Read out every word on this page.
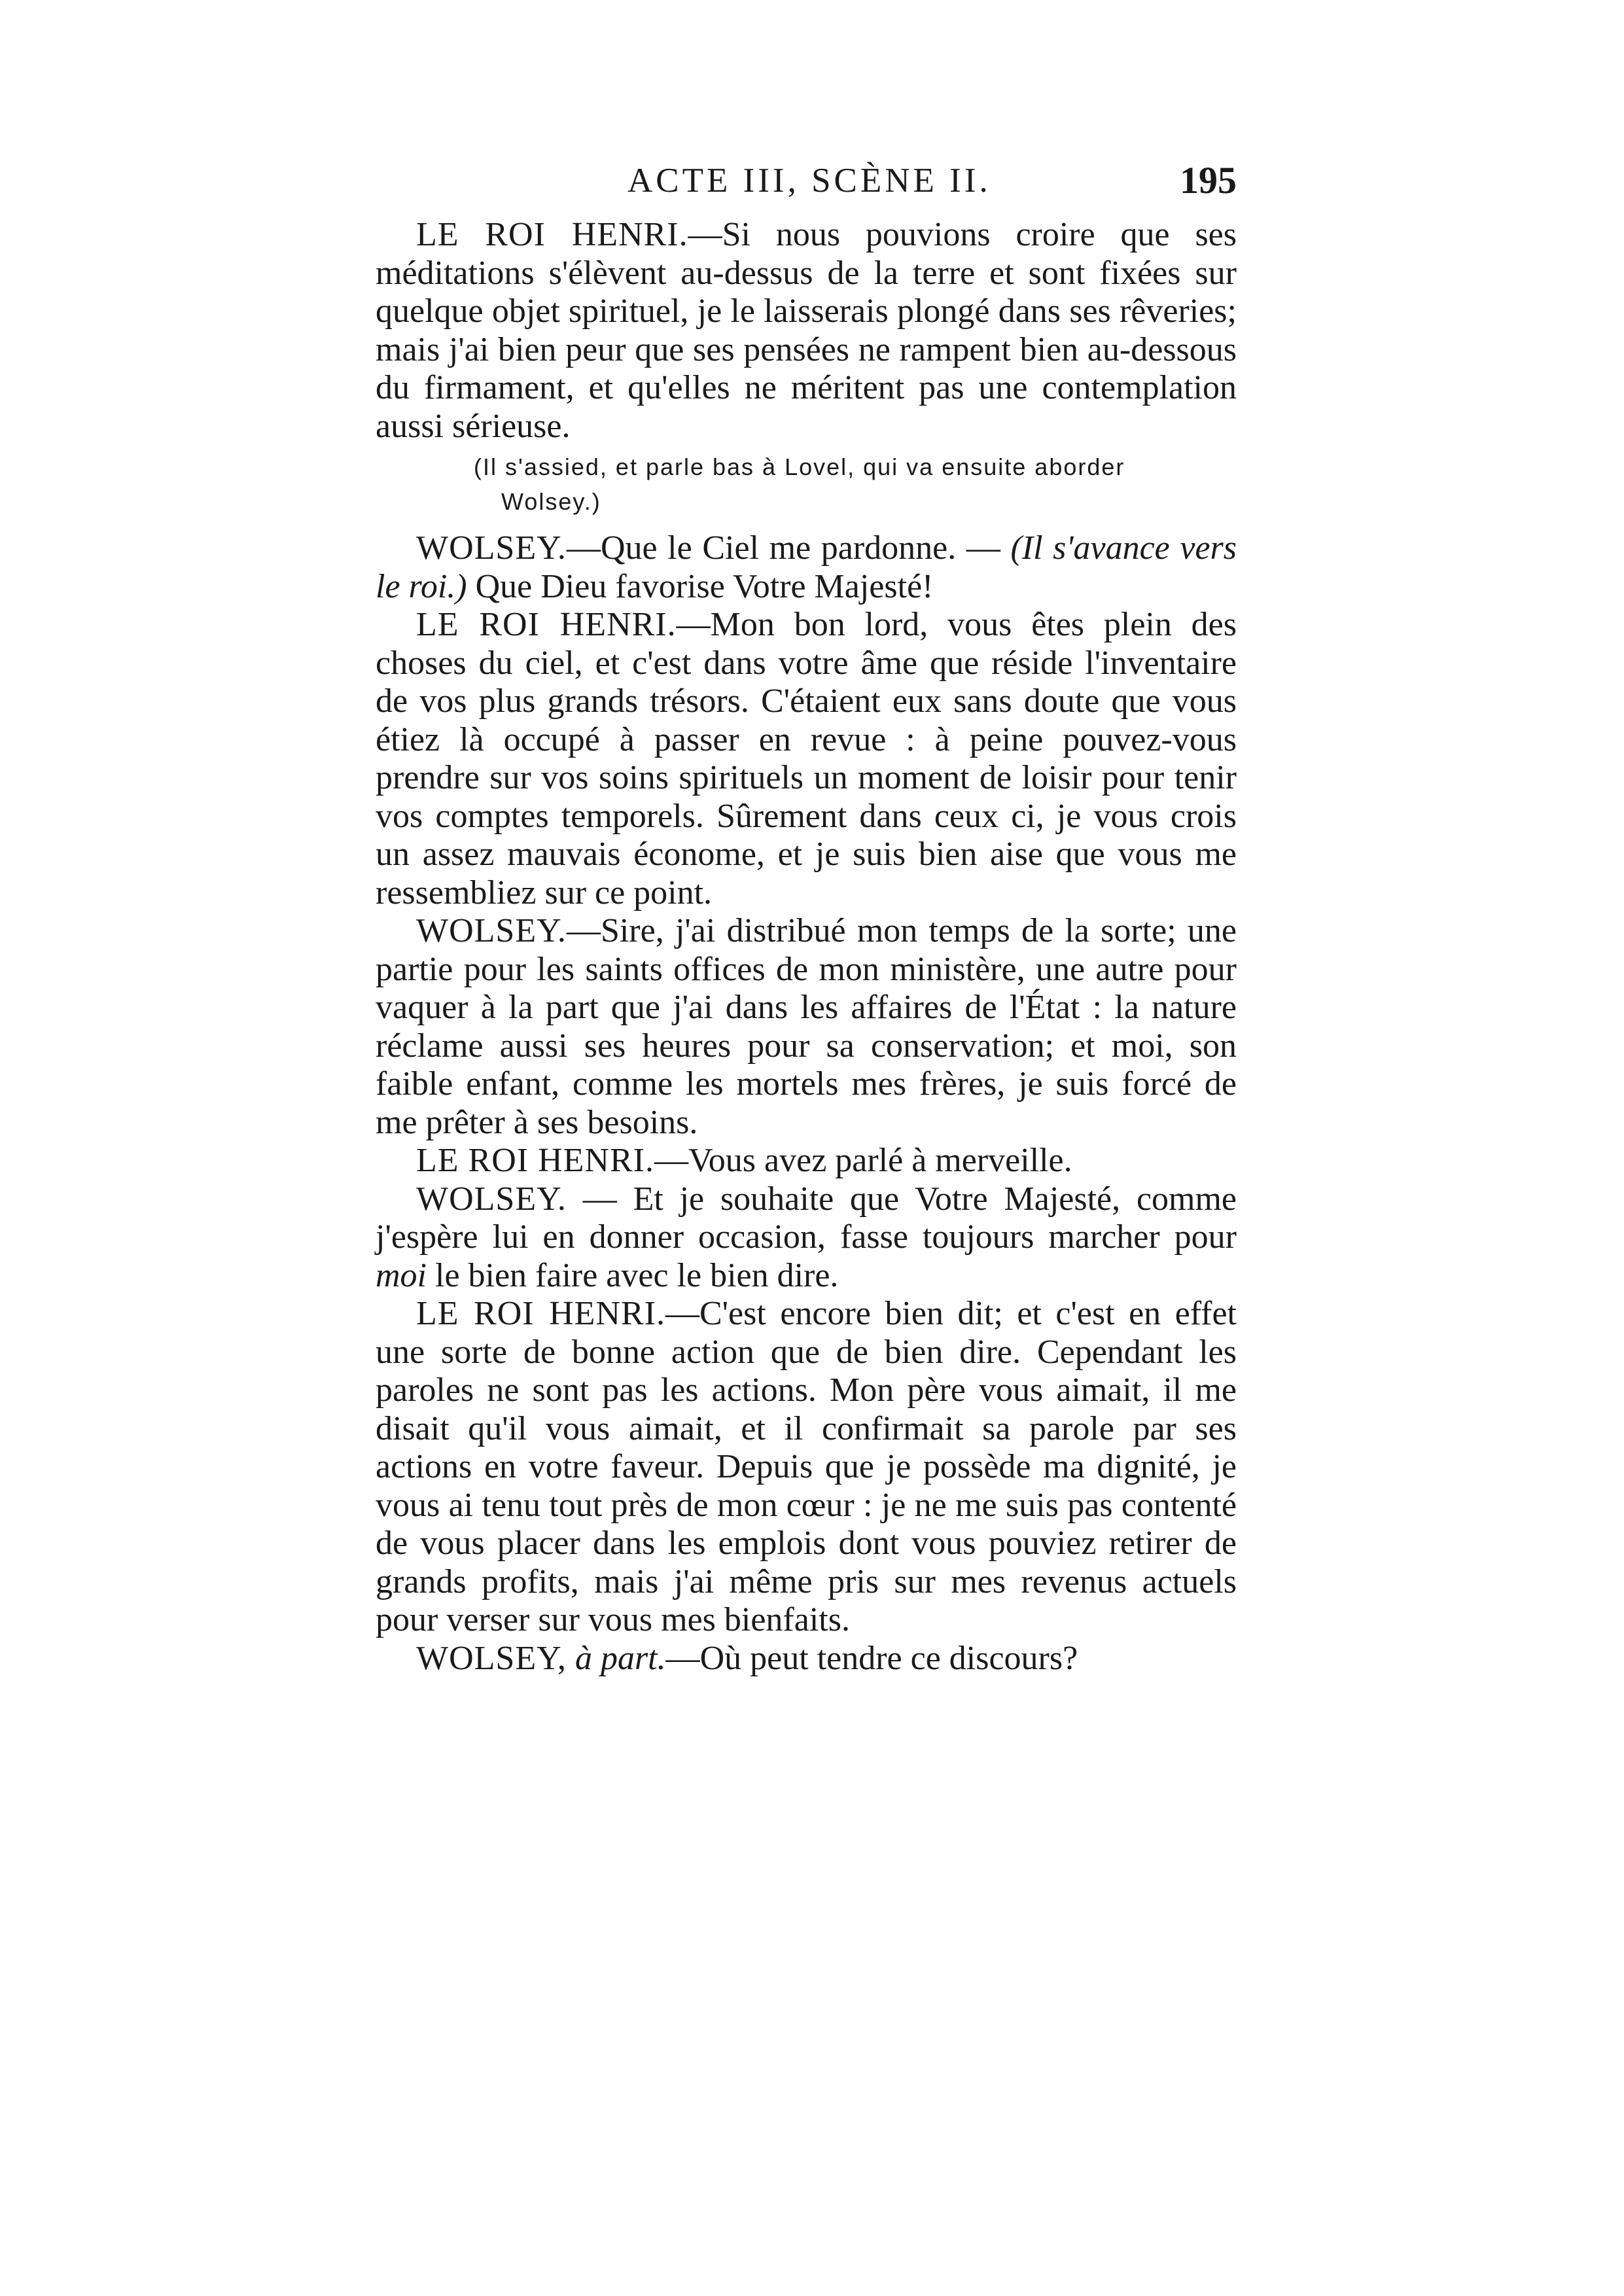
ACTE III, SCÈNE II.	195

LE ROI HENRI.—Si nous pouvions croire que ses méditations s'élèvent au-dessus de la terre et sont fixées sur quelque objet spirituel, je le laisserais plongé dans ses rêveries; mais j'ai bien peur que ses pensées ne rampent bien au-dessous du firmament, et qu'elles ne méritent pas une contemplation aussi sérieuse.

(Il s'assied, et parle bas à Lovel, qui va ensuite aborder
Wolsey.)

WOLSEY.—Que le Ciel me pardonne. — (Il s'avance vers le roi.) Que Dieu favorise Votre Majesté!

LE ROI HENRI.—Mon bon lord, vous êtes plein des choses du ciel, et c'est dans votre âme que réside l'inventaire de vos plus grands trésors. C'étaient eux sans doute que vous étiez là occupé à passer en revue : à peine pouvez-vous prendre sur vos soins spirituels un moment de loisir pour tenir vos comptes temporels. Sûrement dans ceux ci, je vous crois un assez mauvais économe, et je suis bien aise que vous me ressembliez sur ce point.

WOLSEY.—Sire, j'ai distribué mon temps de la sorte; une partie pour les saints offices de mon ministère, une autre pour vaquer à la part que j'ai dans les affaires de l'État : la nature réclame aussi ses heures pour sa conservation; et moi, son faible enfant, comme les mortels mes frères, je suis forcé de me prêter à ses besoins.

LE ROI HENRI.—Vous avez parlé à merveille.

WOLSEY. — Et je souhaite que Votre Majesté, comme j'espère lui en donner occasion, fasse toujours marcher pour moi le bien faire avec le bien dire.

LE ROI HENRI.—C'est encore bien dit; et c'est en effet une sorte de bonne action que de bien dire. Cependant les paroles ne sont pas les actions. Mon père vous aimait, il me disait qu'il vous aimait, et il confirmait sa parole par ses actions en votre faveur. Depuis que je possède ma dignité, je vous ai tenu tout près de mon cœur : je ne me suis pas contenté de vous placer dans les emplois dont vous pouviez retirer de grands profits, mais j'ai même pris sur mes revenus actuels pour verser sur vous mes bienfaits.

WOLSEY, à part.—Où peut tendre ce discours?
